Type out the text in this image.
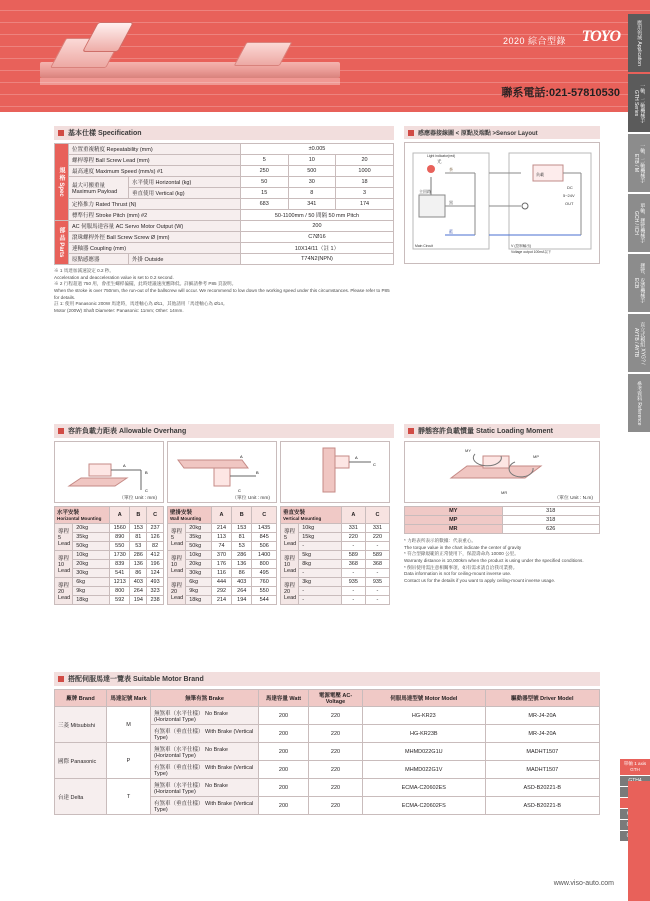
2020 綜合型錄 TOYO
聯系電話:021-57810530
應用領域 Application
一軸、二軸機械手 GTH Series
一軸、二軸機械手 ETB / M
單軸、懸臂機械手 GCH / ICH
懸臂、皮帶機械手 ECB
直立式模組 XYG? / AYTB / AYTB
參考資料 Reference
基本仕樣 Specification
規 格 Spec	位置重複精度 Repeatability (mm)		±0.005		
	螺桿導程 Ball Screw Lead (mm)		5	10	20
	最高速度 Maximum Speed (mm/s) #1		250	500	1000
	最大可搬重量 Maximum Payload	水平使用 Horizontal (kg)	50	30	18
		垂直使用 Vertical (kg)	15	8	3
	定格推力 Rated Thrust (N)		683	341	174
	標準行程 Stroke Pitch (mm) #2		50-1100mm / 50 間隔 50 mm Pitch		
部 品 Parts	AC 伺服馬達容量 AC Servo Motor Output (W)		200		
	滾珠螺桿外徑 Ball Screw Screw Ø (mm)		C7Ø16		
	連軸器 Coupling (mm)		10X14/11（註 1）		
	原點感應器	外掛 Outside	T74N2(NPN)		
※ 1 馬達加減速設定 0.2 秒。
Acceleration and deacceleration value is set to 0.2 second.
※ 2 行程超過 750 用，會產生螺桿偏擺，此時建議速度應降低。詳細請參考 P85 頁說明。
When the stroke is over 750mm, the run-out of the ballscrew will occur. We recommend to low down the working speed under this circumstances. Please refer to P85 for details.
註 1: 使用 Panasonic 200W 馬達時，馬達軸心為 Ø11，其他請用「馬達軸心為 Ø14。
Motor (200W) Shaft Diameter: Panasonic: 11mm; Other: 14mm.
感應器接線圖 < 原點及端點 >Sensor Layout
光
主回路
茶
黑
藍
負載
OUT
DC
5~24V
V (控制輸出)
Voltage output 100mA以下
Main Circuit
Light indicator(red)
容許負載力距表 Allowable Overhang
A
B
C
（單位 Unit : mm)
A
B
C
（單位 Unit : mm)
A
C
水平安裝
Horizontal Mounting		A	B	C
導程 5 Lead	20kg	1560	153	237
	35kg	890	81	126
	50kg	550	53	82
導程 10 Lead	10kg	1730	286	412
	20kg	839	136	196
	30kg	541	86	124
導程 20 Lead	6kg	1213	403	493
	9kg	800	264	323
	18kg	592	194	238
壁掛安裝
Wall Mounting		A	B	C
導程 5 Lead	20kg	214	153	1435
	35kg	113	81	845
	50kg	74	53	506
導程 10 Lead	10kg	370	286	1400
	20kg	176	136	800
	30kg	116	86	495
導程 20 Lead	6kg	444	403	760
	9kg	292	264	550
	18kg	214	194	544
垂直安裝
Vertical Mounting		A	C
導程 5 Lead	10kg	331	331
	15kg	220	220
	-	-	-
導程 10 Lead	5kg	589	589
	8kg	368	368
	-	-	-
導程 20 Lead	3kg	935	935
	-	-	-
	-	-	-
靜態容許負載慣量 Static Loading Moment
MY
MP
MR
（單位 Unit : N.m)
MY	318
MP	318
MR	626
* 力距表所表示的數據：代表重心。
The torque value in the chart indicate the center of gravity
* 符合型錄規範的正常使用下，保證壽命為 10000 公里。
Warranty distance is 10,000km when the product is using under the specified conditions.
* 倒吊使用需注意相關事項，如有需求請自洽我司業務。
Data information is not for ceiling-mount inverse use.
Contact us for the details if you want to apply ceiling-mount inverse usage.
搭配伺服馬達一覽表 Suitable Motor Brand
廠牌 Brand	馬達記號 Mark	無筆有煞 Brake	馬達容量 Watt	電源電壓 AC-Voltage	伺服馬達型號 Motor Model	驅動器型號 Driver Model
三菱 Mitsubishi	M	無煞車（水平仕樣） No Brake (Horizontal Type)	200	220	HG-KR23	MR-J4-20A
		有煞車（垂直仕樣） With Brake (Vertical Type)	200	220	HG-KR23B	MR-J4-20A
國際 Panasonic	P	無煞車（水平仕樣） No Brake (Horizontal Type)	200	220	MHMD022G1U	MADHT1507
		有煞車（垂直仕樣） With Brake (Vertical Type)	200	220	MHMD022G1V	MADHT1507
台達 Delta	T	無煞車（水平仕樣） No Brake (Horizontal Type)	200	220	ECMA-C20602ES	ASD-B20221-B
		有煞車（垂直仕樣） With Brake (Vertical Type)	200	220	ECMA-C20602FS	ASD-B20221-B
單軸 1 axis GTH
www.viso-auto.com
